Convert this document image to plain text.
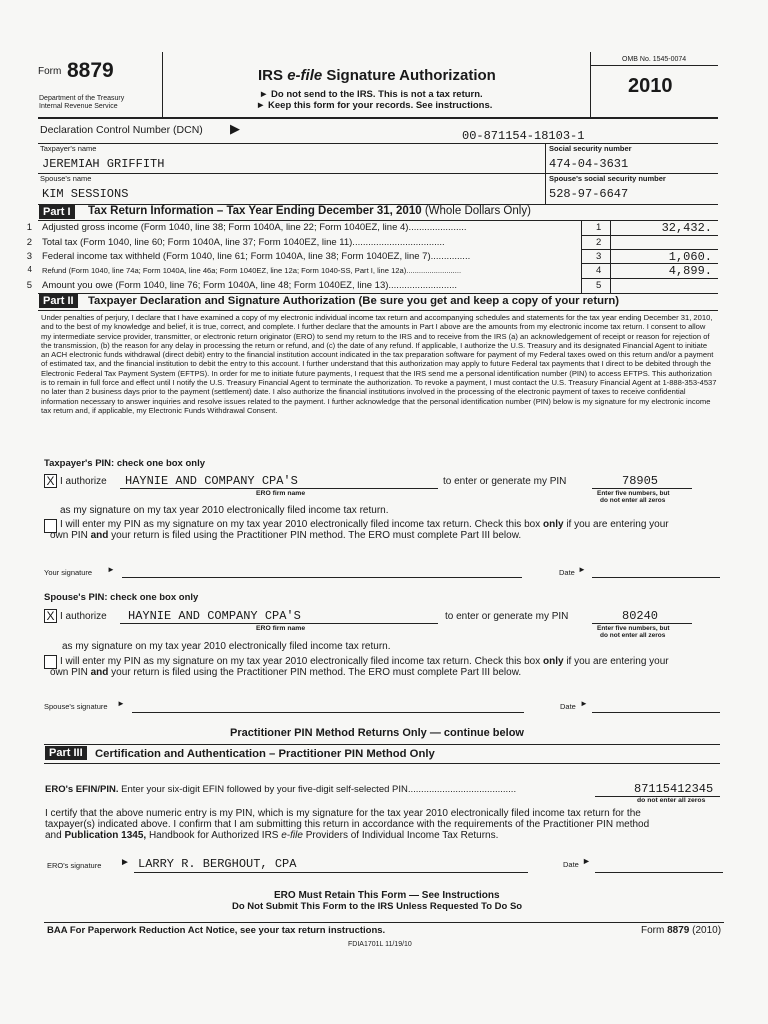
Form 8879
Department of the Treasury
Internal Revenue Service
IRS e-file Signature Authorization
► Do not send to the IRS. This is not a tax return.
► Keep this form for your records. See instructions.
OMB No. 1545-0074
2010
Declaration Control Number (DCN) ▶	00-871154-18103-1
Taxpayer's name
JEREMIAH GRIFFITH
Social security number
474-04-3631
Spouse's name
KIM SESSIONS
Spouse's social security number
528-97-6647
Part I	Tax Return Information – Tax Year Ending December 31, 2010 (Whole Dollars Only)
1 Adjusted gross income (Form 1040, line 38; Form 1040A, line 22; Form 1040EZ, line 4)......................	1	32,432.
2 Total tax (Form 1040, line 60; Form 1040A, line 37; Form 1040EZ, line 11)...................................	2
3 Federal income tax withheld (Form 1040, line 61; Form 1040A, line 38; Form 1040EZ, line 7)...............	3	1,060.
4 Refund (Form 1040, line 74a; Form 1040A, line 46a; Form 1040EZ, line 12a; Form 1040-SS, Part I, line 12a)..........................	4	4,899.
5 Amount you owe (Form 1040, line 76; Form 1040A, line 48; Form 1040EZ, line 13)..........................	5
Part II	Taxpayer Declaration and Signature Authorization (Be sure you get and keep a copy of your return)
Under penalties of perjury, I declare that I have examined a copy of my electronic individual income tax return and accompanying schedules and statements for the tax year ending December 31, 2010, and to the best of my knowledge and belief, it is true, correct, and complete. I further declare that the amounts in Part I above are the amounts from my electronic income tax return. I consent to allow my intermediate service provider, transmitter, or electronic return originator (ERO) to send my return to the IRS and to receive from the IRS (a) an acknowledgement of receipt or reason for rejection of the transmission, (b) the reason for any delay in processing the return or refund, and (c) the date of any refund. If applicable, I authorize the U.S. Treasury and its designated Financial Agent to initiate an ACH electronic funds withdrawal (direct debit) entry to the financial institution account indicated in the tax preparation software for payment of my Federal taxes owed on this return and/or a payment of estimated tax, and the financial institution to debit the entry to this account. I further understand that this authorization may apply to future Federal tax payments that I direct to be debited through the Electronic Federal Tax Payment System (EFTPS). In order for me to initiate future payments, I request that the IRS send me a personal identification number (PIN) to access EFTPS. This authorization is to remain in full force and effect until I notify the U.S. Treasury Financial Agent to terminate the authorization. To revoke a payment, I must contact the U.S. Treasury Financial Agent at 1-888-353-4537 no later than 2 business days prior to the payment (settlement) date. I also authorize the financial institutions involved in the processing of the electronic payment of taxes to receive confidential information necessary to answer inquiries and resolve issues related to the payment. I further acknowledge that the personal identification number (PIN) below is my signature for my electronic income tax return and, if applicable, my Electronic Funds Withdrawal Consent.
Taxpayer's PIN: check one box only
X I authorize HAYNIE AND COMPANY CPA'S
ERO firm name
to enter or generate my PIN	78905
Enter five numbers, but
do not enter all zeros
as my signature on my tax year 2010 electronically filed income tax return.
I will enter my PIN as my signature on my tax year 2010 electronically filed income tax return. Check this box only if you are entering your
own PIN and your return is filed using the Practitioner PIN method. The ERO must complete Part III below.
Your signature ►	Date ►
Spouse's PIN: check one box only
X I authorize HAYNIE AND COMPANY CPA'S
ERO firm name
to enter or generate my PIN	80240
Enter five numbers, but
do not enter all zeros
as my signature on my tax year 2010 electronically filed income tax return.
I will enter my PIN as my signature on my tax year 2010 electronically filed income tax return. Check this box only if you are entering your
own PIN and your return is filed using the Practitioner PIN method. The ERO must complete Part III below.
Spouse's signature ►	Date ►
Practitioner PIN Method Returns Only — continue below
Part III	Certification and Authentication – Practitioner PIN Method Only
ERO's EFIN/PIN. Enter your six-digit EFIN followed by your five-digit self-selected PIN.........................................	87115412345
do not enter all zeros
I certify that the above numeric entry is my PIN, which is my signature for the tax year 2010 electronically filed income tax return for the
taxpayer(s) indicated above. I confirm that I am submitting this return in accordance with the requirements of the Practitioner PIN method
and Publication 1345, Handbook for Authorized IRS e-file Providers of Individual Income Tax Returns.
ERO's signature ► LARRY R. BERGHOUT, CPA	Date ►
ERO Must Retain This Form — See Instructions
Do Not Submit This Form to the IRS Unless Requested To Do So
BAA For Paperwork Reduction Act Notice, see your tax return instructions.	Form 8879 (2010)
FDIA1701L 11/19/10
